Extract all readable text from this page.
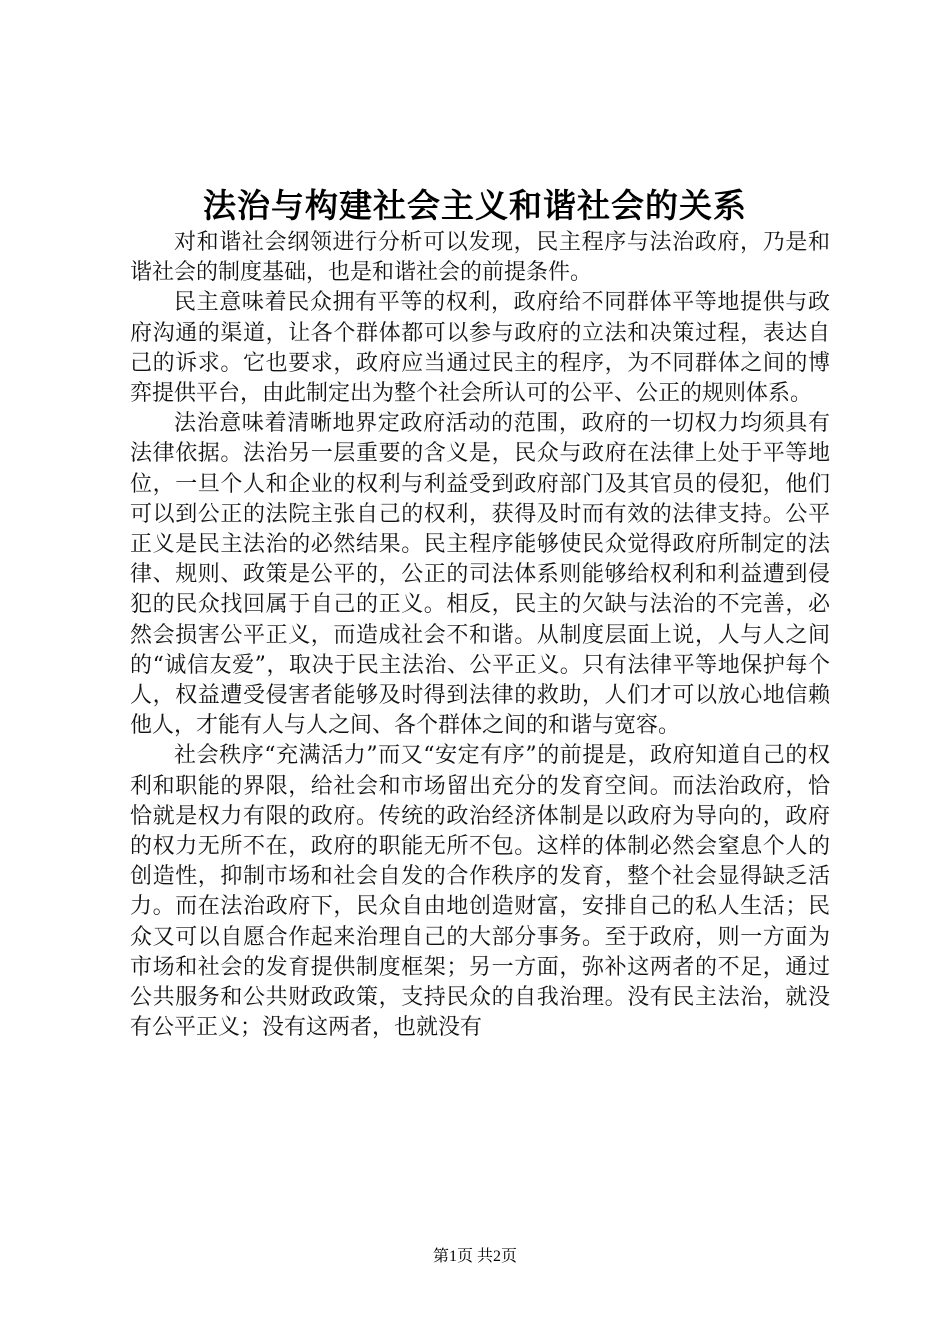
法治与构建社会主义和谐社会的关系

对和谐社会纲领进行分析可以发现，民主程序与法治政府，乃是和谐社会的制度基础，也是和谐社会的前提条件。

民主意味着民众拥有平等的权利，政府给不同群体平等地提供与政府沟通的渠道，让各个群体都可以参与政府的立法和决策过程，表达自己的诉求。它也要求，政府应当通过民主的程序，为不同群体之间的博弈提供平台，由此制定出为整个社会所认可的公平、公正的规则体系。

法治意味着清晰地界定政府活动的范围，政府的一切权力均须具有法律依据。法治另一层重要的含义是，民众与政府在法律上处于平等地位，一旦个人和企业的权利与利益受到政府部门及其官员的侵犯，他们可以到公正的法院主张自己的权利，获得及时而有效的法律支持。公平正义是民主法治的必然结果。民主程序能够使民众觉得政府所制定的法律、规则、政策是公平的，公正的司法体系则能够给权利和利益遭到侵犯的民众找回属于自己的正义。相反，民主的欠缺与法治的不完善，必然会损害公平正义，而造成社会不和谐。从制度层面上说，人与人之间的“诚信友爱”，取决于民主法治、公平正义。只有法律平等地保护每个人，权益遭受侵害者能够及时得到法律的救助，人们才可以放心地信赖他人，才能有人与人之间、各个群体之间的和谐与宽容。

社会秩序“充满活力”而又“安定有序”的前提是，政府知道自己的权利和职能的界限，给社会和市场留出充分的发育空间。而法治政府，恰恰就是权力有限的政府。传统的政治经济体制是以政府为导向的，政府的权力无所不在，政府的职能无所不包。这样的体制必然会窒息个人的创造性，抑制市场和社会自发的合作秩序的发育，整个社会显得缺乏活力。而在法治政府下，民众自由地创造财富，安排自己的私人生活；民众又可以自愿合作起来治理自己的大部分事务。至于政府，则一方面为市场和社会的发育提供制度框架；另一方面，弥补这两者的不足，通过公共服务和公共财政政策，支持民众的自我治理。没有民主法治，就没有公平正义；没有这两者，也就没有

第1页 共2页
